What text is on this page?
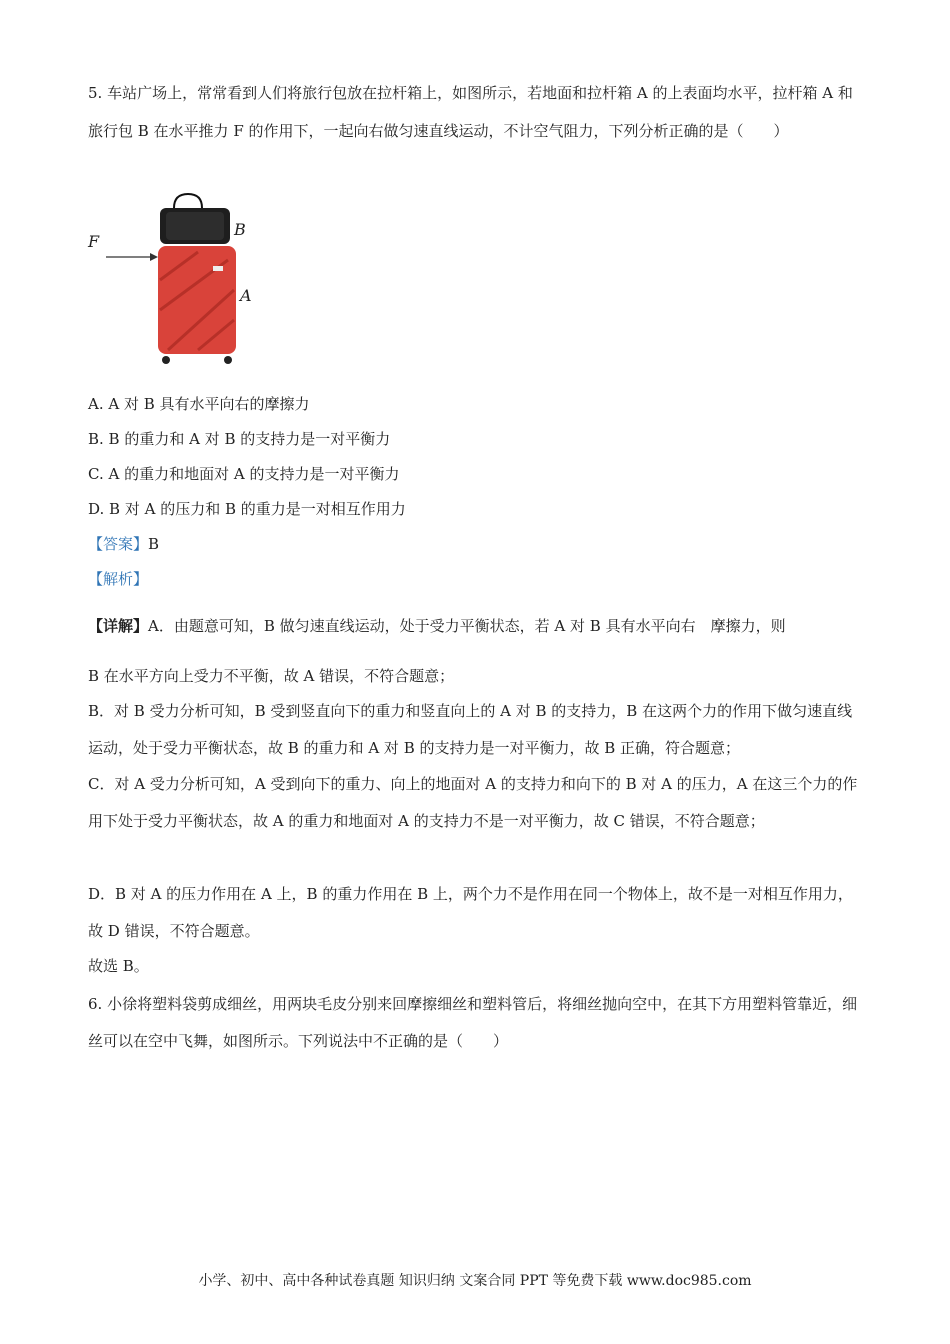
5. 车站广场上，常常看到人们将旅行包放在拉杆箱上，如图所示，若地面和拉杆箱 A 的上表面均水平，拉杆箱 A 和旅行包 B 在水平推力 F 的作用下，一起向右做匀速直线运动，不计空气阻力，下列分析正确的是（　　）
F
B
A
A. A 对 B 具有水平向右的摩擦力
B. B 的重力和 A 对 B 的支持力是一对平衡力
C. A 的重力和地面对 A 的支持力是一对平衡力
D. B 对 A 的压力和 B 的重力是一对相互作用力
【答案】B
【解析】
【详解】A．由题意可知，B 做匀速直线运动，处于受力平衡状态，若 A 对 B 具有水平向右　摩擦力，则
B 在水平方向上受力不平衡，故 A 错误，不符合题意；
B．对 B 受力分析可知，B 受到竖直向下的重力和竖直向上的 A 对 B 的支持力，B 在这两个力的作用下做匀速直线运动，处于受力平衡状态，故 B 的重力和 A 对 B 的支持力是一对平衡力，故 B 正确，符合题意；
C．对 A 受力分析可知，A 受到向下的重力、向上的地面对 A 的支持力和向下的 B 对 A 的压力，A 在这三个力的作用下处于受力平衡状态，故 A 的重力和地面对 A 的支持力不是一对平衡力，故 C 错误，不符合题意；
D．B 对 A 的压力作用在 A 上，B 的重力作用在 B 上，两个力不是作用在同一个物体上，故不是一对相互作用力，故 D 错误，不符合题意。
故选 B。
6. 小徐将塑料袋剪成细丝，用两块毛皮分别来回摩擦细丝和塑料管后，将细丝抛向空中，在其下方用塑料管靠近，细丝可以在空中飞舞，如图所示。下列说法中不正确的是（　　）
小学、初中、高中各种试卷真题 知识归纳 文案合同 PPT 等免费下载 www.doc985.com
